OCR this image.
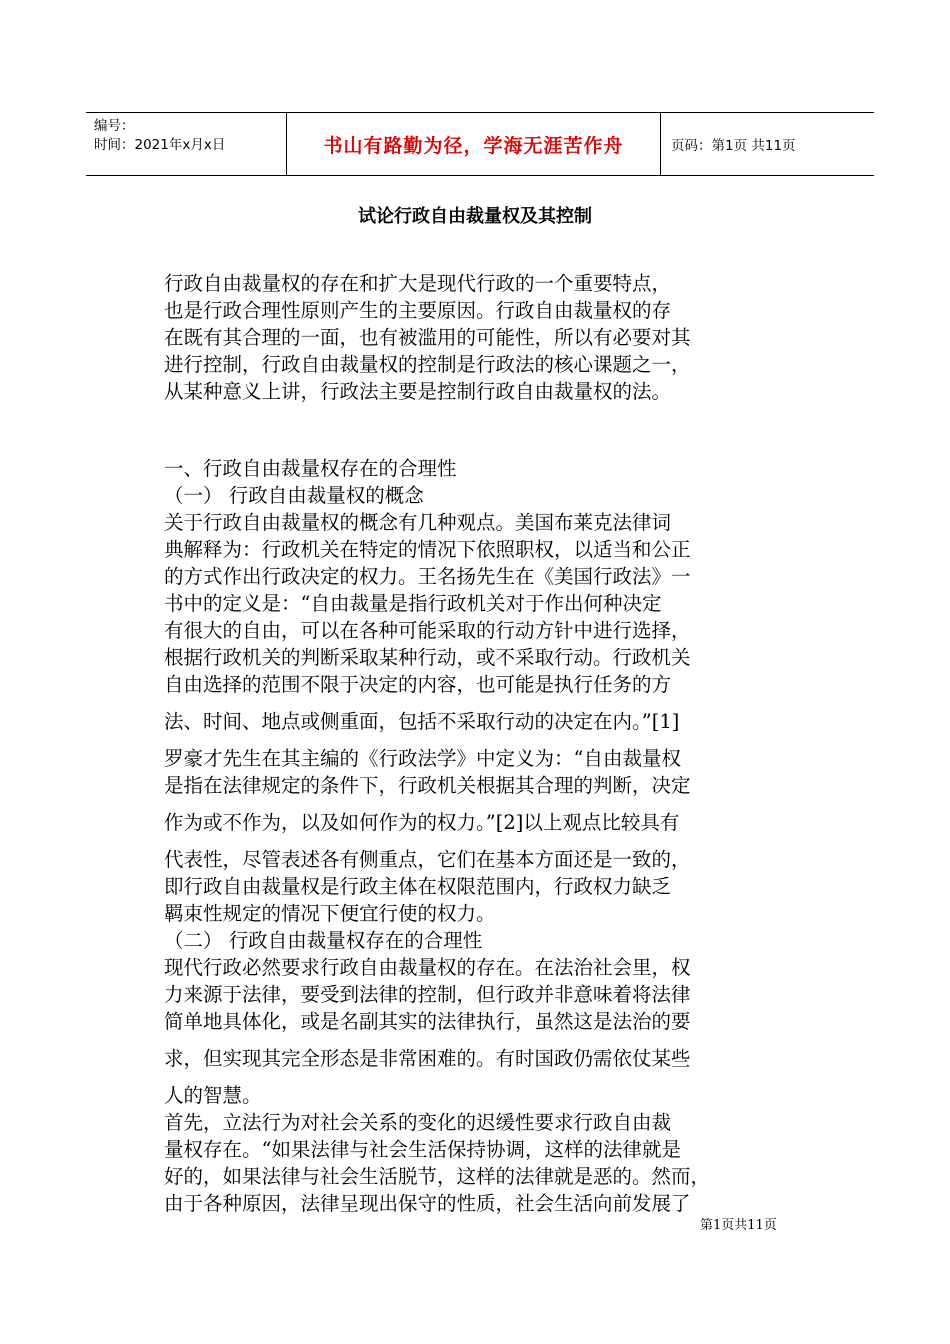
编号：
时间：2021年x月x日	书山有路勤为径，学海无涯苦作舟	页码：第1页 共11页
试论行政自由裁量权及其控制
行政自由裁量权的存在和扩大是现代行政的一个重要特点，
也是行政合理性原则产生的主要原因。行政自由裁量权的存
在既有其合理的一面，也有被滥用的可能性，所以有必要对其
进行控制，行政自由裁量权的控制是行政法的核心课题之一，
从某种意义上讲，行政法主要是控制行政自由裁量权的法。
一、行政自由裁量权存在的合理性
（一） 行政自由裁量权的概念
关于行政自由裁量权的概念有几种观点。美国布莱克法律词
典解释为：行政机关在特定的情况下依照职权，以适当和公正
的方式作出行政决定的权力。王名扬先生在《美国行政法》一
书中的定义是：“自由裁量是指行政机关对于作出何种决定
有很大的自由，可以在各种可能采取的行动方针中进行选择，
根据行政机关的判断采取某种行动，或不采取行动。行政机关
自由选择的范围不限于决定的内容，也可能是执行任务的方
法、时间、地点或侧重面，包括不采取行动的决定在内。”[1]
罗豪才先生在其主编的《行政法学》中定义为：“自由裁量权
是指在法律规定的条件下，行政机关根据其合理的判断，决定
作为或不作为，以及如何作为的权力。”[2]以上观点比较具有
代表性，尽管表述各有侧重点，它们在基本方面还是一致的，
即行政自由裁量权是行政主体在权限范围内，行政权力缺乏
羁束性规定的情况下便宜行使的权力。
（二） 行政自由裁量权存在的合理性
现代行政必然要求行政自由裁量权的存在。在法治社会里，权
力来源于法律，要受到法律的控制，但行政并非意味着将法律
简单地具体化，或是名副其实的法律执行，虽然这是法治的要
求，但实现其完全形态是非常困难的。有时国政仍需依仗某些
人的智慧。
首先，立法行为对社会关系的变化的迟缓性要求行政自由裁
量权存在。“如果法律与社会生活保持协调，这样的法律就是
好的，如果法律与社会生活脱节，这样的法律就是恶的。然而，
由于各种原因，法律呈现出保守的性质，社会生活向前发展了
第1页共11页
